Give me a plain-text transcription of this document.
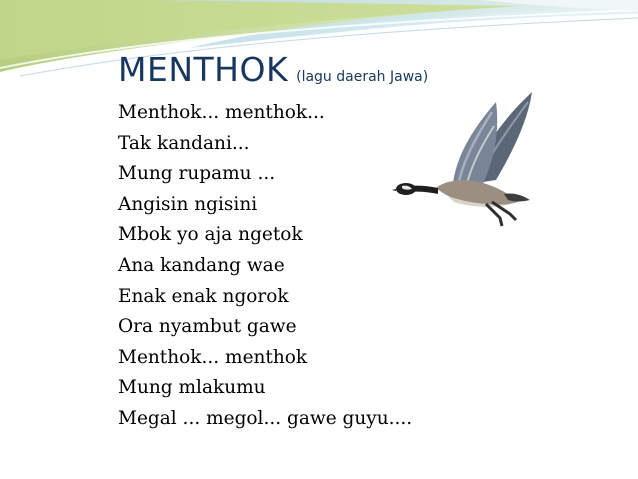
MENTHOK (lagu daerah Jawa)
Menthok... menthok...
Tak kandani...
Mung rupamu ...
Angisin ngisini
Mbok yo aja ngetok
Ana kandang wae
Enak enak ngorok
Ora nyambut gawe
Menthok... menthok
Mung mlakumu
Megal ... megol... gawe guyu....
